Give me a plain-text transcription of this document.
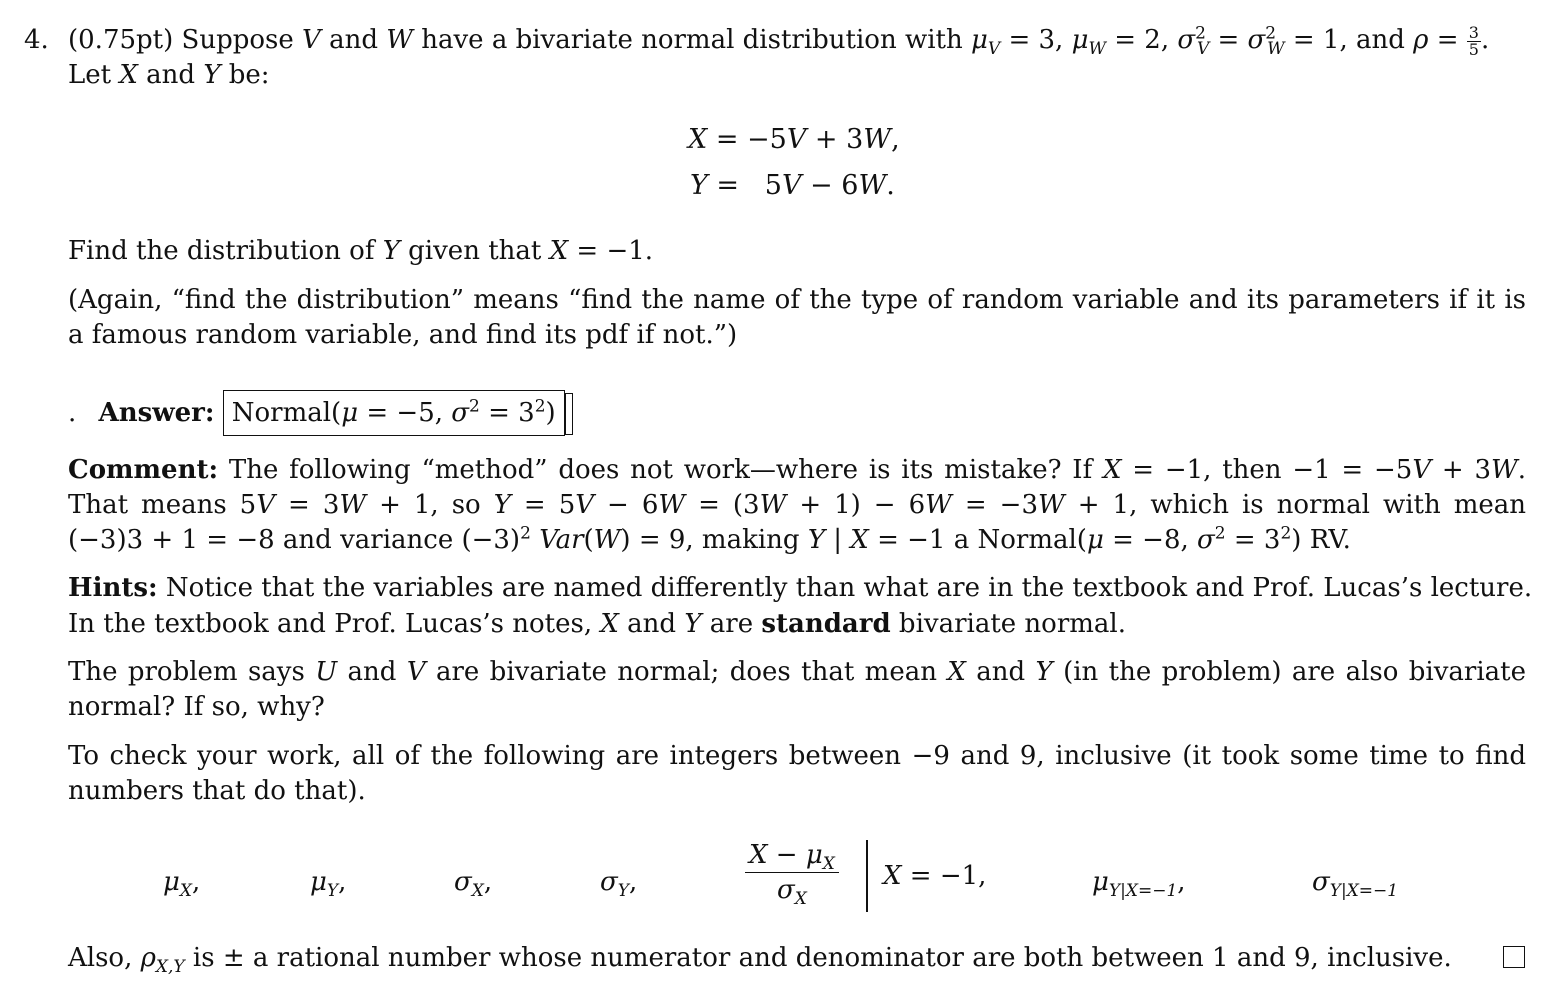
4. (0.75pt) Suppose V and W have a bivariate normal distribution with $\mu_V = 3$, $\mu_W = 2$, $\sigma^2_V = \sigma^2_W = 1$, and $\rho = \frac{3}{5}$ .
Let X and Y be:
X = −5V + 3W,
Y =   5V − 6W.
Find the distribution of Y given that X = −1.
(Again, “find the distribution” means “find the name of the type of random variable and its parameters if it is
a famous random variable, and find its pdf if not.”)
. Answer: Normal(μ = −5, $\sigma^2 = 3^2$)
Comment: The following “method” does not work—where is its mistake? If X = −1, then −1 = −5V + 3W.
That means 5V = 3W + 1, so Y = 5V − 6W = (3W + 1) − 6W = −3W + 1, which is normal with mean
(−3)3 + 1 = −8 and variance $(-3)^2$ Var(W) = 9, making Y | X = −1 a Normal(μ = −8, $\sigma^2 = 3^2$) RV.
Hints: Notice that the variables are named differently than what are in the textbook and Prof. Lucas’s lecture.
In the textbook and Prof. Lucas’s notes, X and Y are standard bivariate normal.
The problem says U and V are bivariate normal; does that mean X and Y (in the problem) are also bivariate
normal? If so, why?
To check your work, all of the following are integers between −9 and 9, inclusive (it took some time to find
numbers that do that).
$\mu_X$,	$\mu_Y$,	$\sigma_X$,	$\sigma_Y$,	$\frac{X - \mu_X}{\sigma_X}$ X = −1,	$\mu_{Y|X=-1}$,	$\sigma_{Y|X=-1}$
Also, $\rho_{X,Y}$ is ± a rational number whose numerator and denominator are both between 1 and 9, inclusive.
